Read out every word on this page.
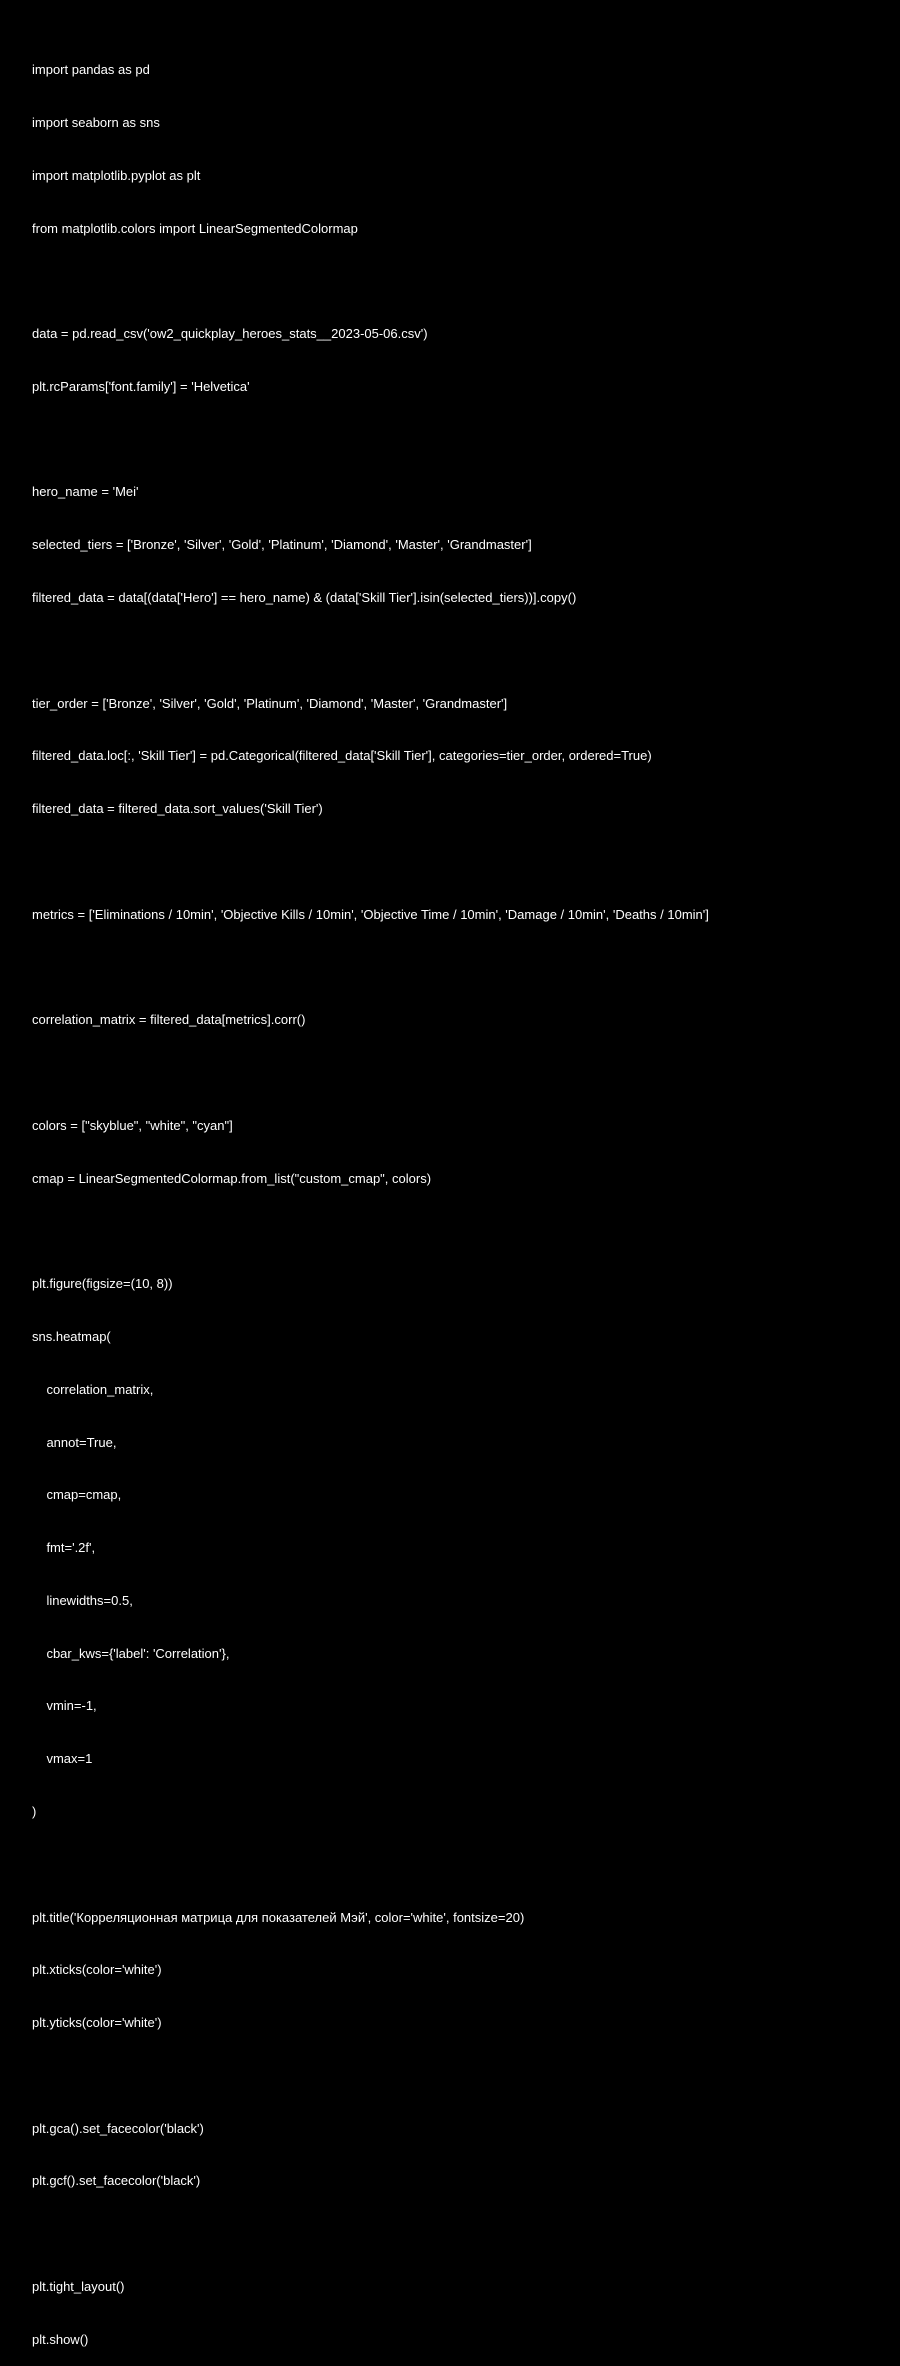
import pandas as pd

import seaborn as sns

import matplotlib.pyplot as plt

from matplotlib.colors import LinearSegmentedColormap

data = pd.read_csv('ow2_quickplay_heroes_stats__2023-05-06.csv')

plt.rcParams['font.family'] = 'Helvetica'

hero_name = 'Mei'

selected_tiers = ['Bronze', 'Silver', 'Gold', 'Platinum', 'Diamond', 'Master', 'Grandmaster']

filtered_data = data[(data['Hero'] == hero_name) & (data['Skill Tier'].isin(selected_tiers))].copy()

tier_order = ['Bronze', 'Silver', 'Gold', 'Platinum', 'Diamond', 'Master', 'Grandmaster']

filtered_data.loc[:, 'Skill Tier'] = pd.Categorical(filtered_data['Skill Tier'], categories=tier_order, ordered=True)

filtered_data = filtered_data.sort_values('Skill Tier')

metrics = ['Eliminations / 10min', 'Objective Kills / 10min', 'Objective Time / 10min', 'Damage / 10min', 'Deaths / 10min']

correlation_matrix = filtered_data[metrics].corr()

colors = ["skyblue", "white", "cyan"]

cmap = LinearSegmentedColormap.from_list("custom_cmap", colors)

plt.figure(figsize=(10, 8))

sns.heatmap(

correlation_matrix,

annot=True,

cmap=cmap,

fmt='.2f',

linewidths=0.5,

cbar_kws={'label': 'Correlation'},

vmin=-1,

vmax=1

)

plt.title('Корреляционная матрица для показателей Мэй', color='white', fontsize=20)

plt.xticks(color='white')

plt.yticks(color='white')

plt.gca().set_facecolor('black')

plt.gcf().set_facecolor('black')

plt.tight_layout()

plt.show()
